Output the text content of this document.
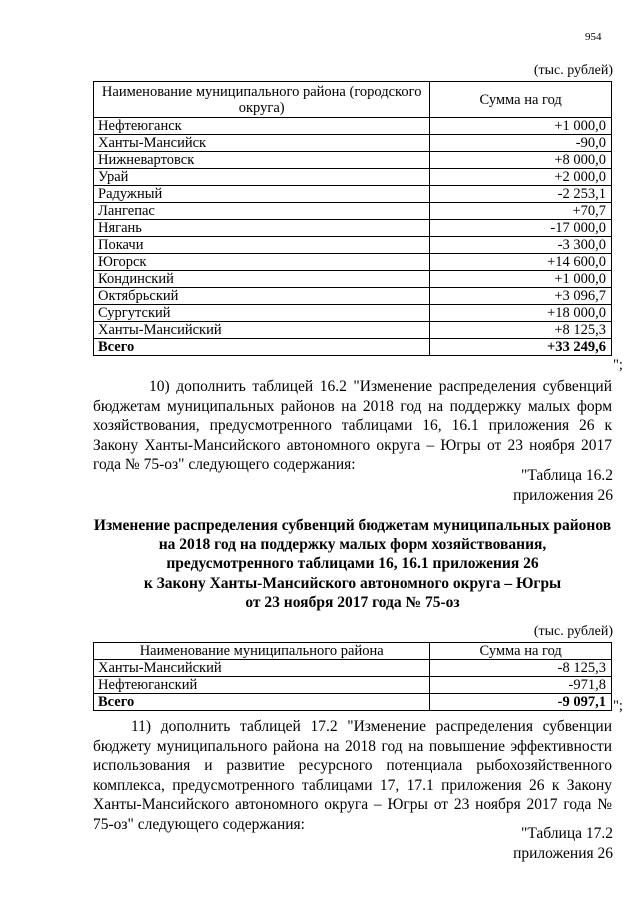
954
(тыс. рублей)
Наименование муниципального района (городского округа)	Сумма на год
Нефтеюганск	+1 000,0
Ханты-Мансийск	-90,0
Нижневартовск	+8 000,0
Урай	+2 000,0
Радужный	-2 253,1
Лангепас	+70,7
Нягань	-17 000,0
Покачи	-3 300,0
Югорск	+14 600,0
Кондинский	+1 000,0
Октябрьский	+3 096,7
Сургутский	+18 000,0
Ханты-Мансийский	+8 125,3
Всего	+33 249,6
";
10) дополнить таблицей 16.2 "Изменение распределения субвенций бюджетам муниципальных районов на 2018 год на поддержку малых форм хозяйствования, предусмотренного таблицами 16, 16.1 приложения 26 к Закону Ханты-Мансийского автономного округа – Югры от 23 ноября 2017 года № 75-оз" следующего содержания:
"Таблица 16.2
приложения 26
Изменение распределения субвенций бюджетам муниципальных районов
на 2018 год на поддержку малых форм хозяйствования,
предусмотренного таблицами 16, 16.1 приложения 26
к Закону Ханты-Мансийского автономного округа – Югры
от 23 ноября 2017 года № 75-оз
(тыс. рублей)
Наименование муниципального района	Сумма на год
Ханты-Мансийский	-8 125,3
Нефтеюганский	-971,8
Всего	-9 097,1 ";
11) дополнить таблицей 17.2 "Изменение распределения субвенции бюджету муниципального района на 2018 год на повышение эффективности использования и развитие ресурсного потенциала рыбохозяйственного комплекса, предусмотренного таблицами 17, 17.1 приложения 26 к Закону Ханты-Мансийского автономного округа – Югры от 23 ноября 2017 года № 75-оз" следующего содержания:
"Таблица 17.2
приложения 26
